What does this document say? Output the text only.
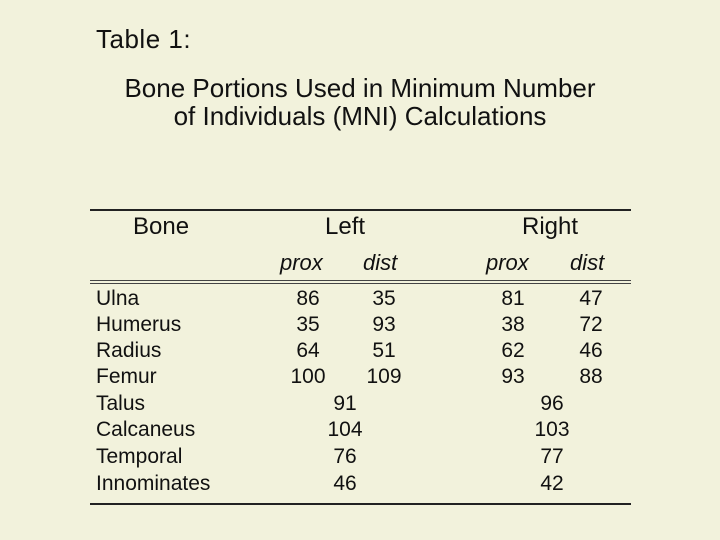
Table 1:
Bone Portions Used in Minimum Number
of Individuals (MNI) Calculations
Bone	Left	Right
prox dist	prox dist
Ulna	86	35	81	47
Humerus	35	93	38	72
Radius	64	51	62	46
Femur	100	109	93	88
Talus	91	96
Calcaneus	104	103
Temporal	76	77
Innominates	46	42
